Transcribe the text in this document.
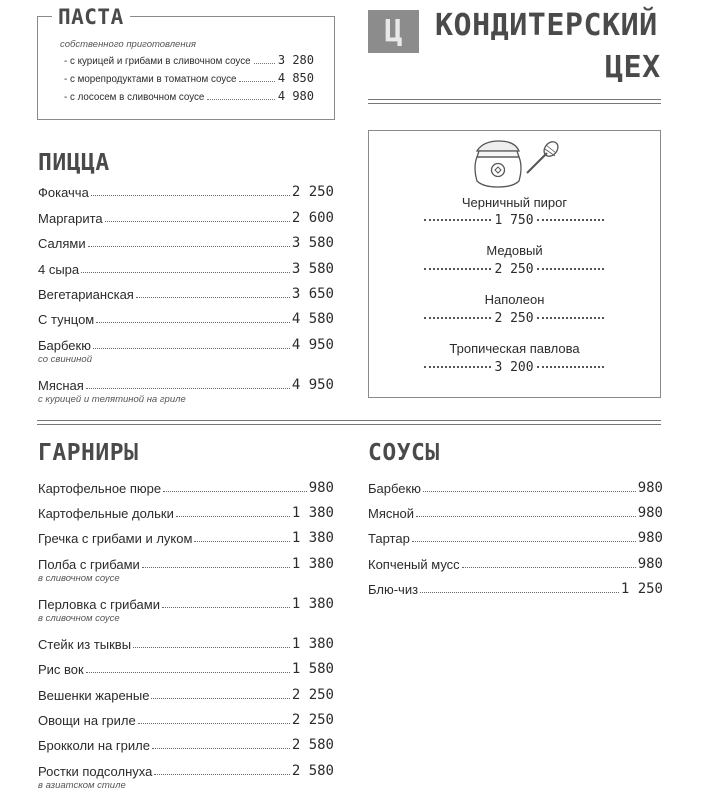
ПАСТА
собственного приготовления
- с курицей и грибами в сливочном соусе 3 280
- с морепродуктами в томатном соусе	4 850
- с лососем в сливочном соусе	4 980
Ц КОНДИТЕРСКИЙ
ЦЕХ
ПИЦЦА
Фокачча	2 250
Маргарита	2 600
Салями	3 580
4 сыра	3 580
Вегетарианская	3 650
С тунцом	4 580
Барбекю	4 950
со свининой
Мясная	4 950
с курицей и телятиной на гриле
Черничный пирог
1 750
Медовый
2 250
Наполеон
2 250
Тропическая павлова
3 200
ГАРНИРЫ
Картофельное пюре	980
Картофельные дольки	1 380
Гречка с грибами и луком	1 380
Полба с грибами	1 380
в сливочном соусе
Перловка с грибами	1 380
в сливочном соусе
Стейк из тыквы	1 380
Рис вок	1 580
Вешенки жареные	2 250
Овощи на гриле	2 250
Брокколи на гриле	2 580
Ростки подсолнуха	2 580
в азиатском стиле
СОУСЫ
Барбекю	980
Мясной	980
Тартар	980
Копченый мусс	980
Блю-чиз	1 250
